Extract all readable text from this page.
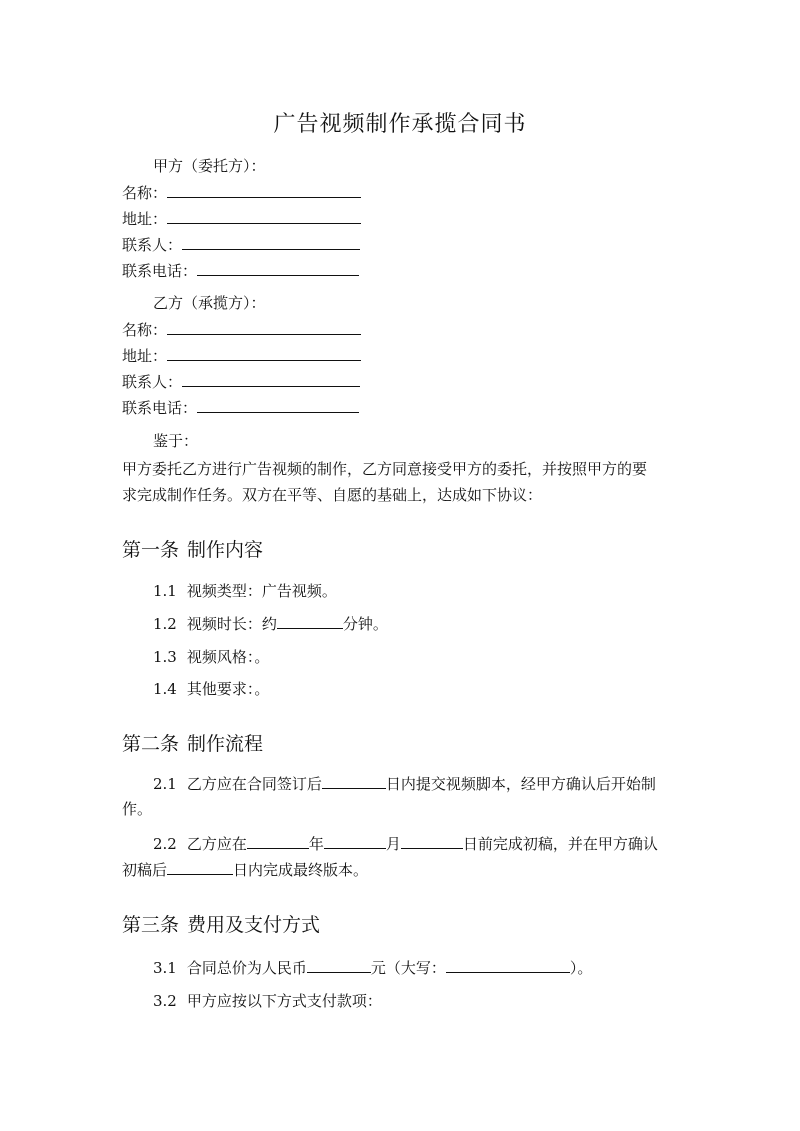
广告视频制作承揽合同书
甲方（委托方）：
名称：
地址：
联系人：
联系电话：
乙方（承揽方）：
名称：
地址：
联系人：
联系电话：
鉴于：
甲方委托乙方进行广告视频的制作，乙方同意接受甲方的委托，并按照甲方的要
求完成制作任务。双方在平等、自愿的基础上，达成如下协议：
第一条 制作内容
1.1 视频类型：广告视频。
1.2 视频时长：约	分钟。
1.3 视频风格：。
1.4 其他要求：。
第二条 制作流程
2.1 乙方应在合同签订后	日内提交视频脚本，经甲方确认后开始制
作。
2.2 乙方应在	年	月	日前完成初稿，并在甲方确认
初稿后	日内完成最终版本。
第三条 费用及支付方式
3.1 合同总价为人民币	元（大写：	）。
3.2 甲方应按以下方式支付款项：
